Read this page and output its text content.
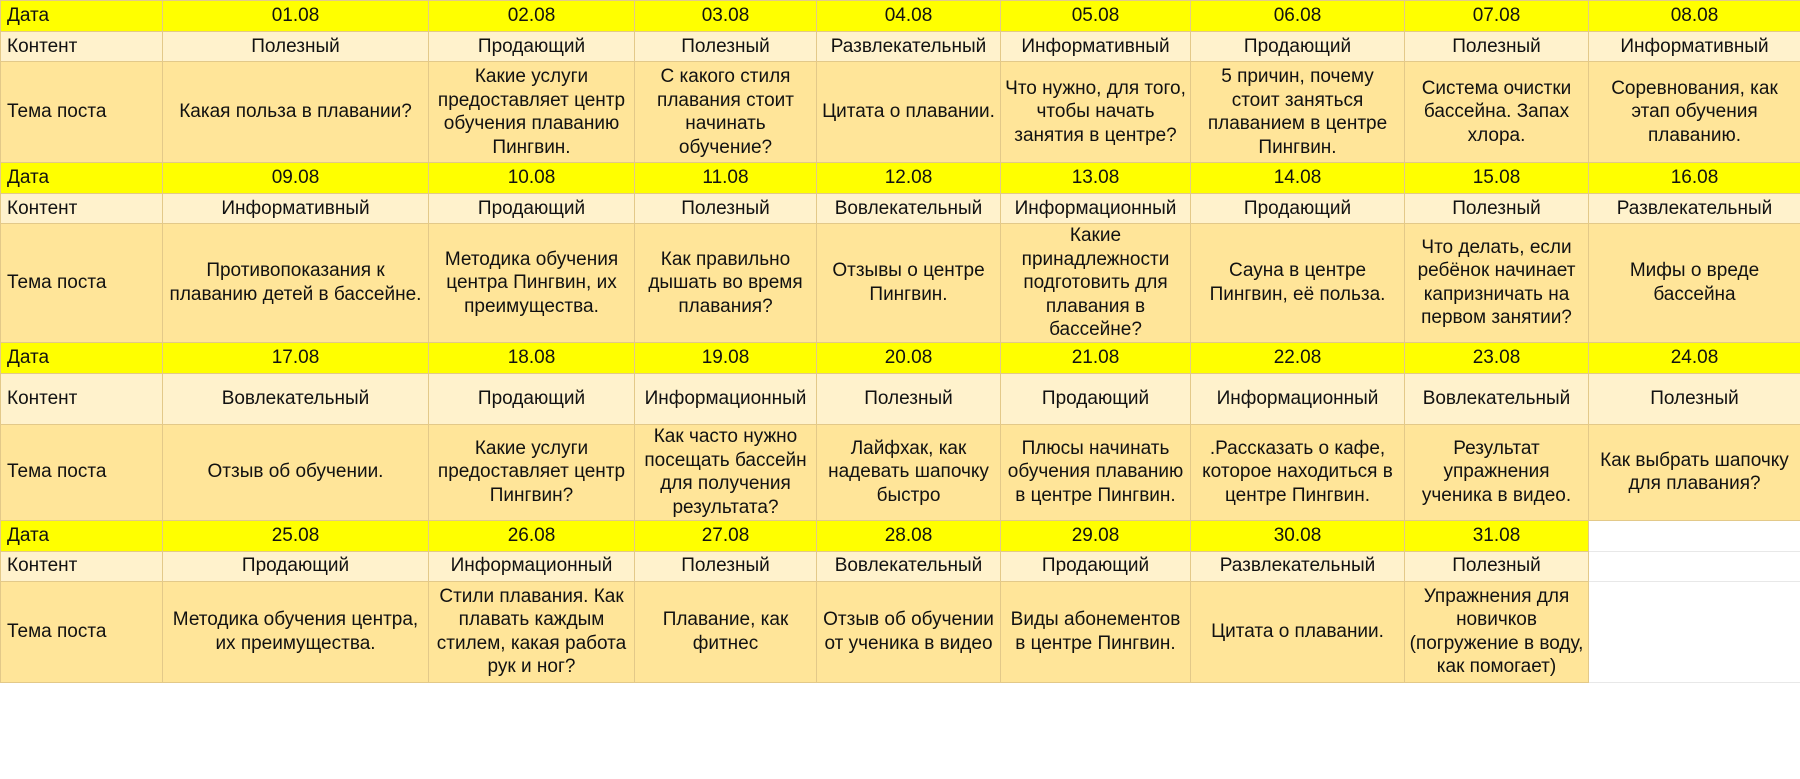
Дата	01.08	02.08	03.08	04.08	05.08	06.08	07.08	08.08
Контент	Полезный	Продающий	Полезный	Развлекательный	Информативный	Продающий	Полезный	Информативный
Тема поста	Какая польза в плавании?	Какие услуги предоставляет центр обучения плаванию Пингвин.	С какого стиля плавания стоит начинать обучение?	Цитата о плавании.	Что нужно, для того, чтобы начать занятия в центре?	5 причин, почему стоит заняться плаванием в центре Пингвин.	Система очистки бассейна. Запах хлора.	Соревнования, как этап обучения плаванию.
Дата	09.08	10.08	11.08	12.08	13.08	14.08	15.08	16.08
Контент	Информативный	Продающий	Полезный	Вовлекательный	Информационный	Продающий	Полезный	Развлекательный
Тема поста	Противопоказания к плаванию детей в бассейне.	Методика обучения центра Пингвин, их преимущества.	Как правильно дышать во время плавания?	Отзывы о центре Пингвин.	Какие принадлежности подготовить для плавания в бассейне?	Сауна в центре Пингвин, её польза.	Что делать, если ребёнок начинает капризничать на первом занятии?	Мифы о вреде бассейна
Дата	17.08	18.08	19.08	20.08	21.08	22.08	23.08	24.08
Контент	Вовлекательный	Продающий	Информационный	Полезный	Продающий	Информационный	Вовлекательный	Полезный
Тема поста	Отзыв об обучении.	Какие услуги предоставляет центр Пингвин?	Как часто нужно посещать бассейн для получения результата?	Лайфхак, как надевать шапочку быстро	Плюсы начинать обучения плаванию в центре Пингвин.	.Рассказать о кафе, которое находиться в центре Пингвин.	Результат упражнения ученика в видео.	Как выбрать шапочку для плавания?
Дата	25.08	26.08	27.08	28.08	29.08	30.08	31.08	
Контент	Продающий	Информационный	Полезный	Вовлекательный	Продающий	Развлекательный	Полезный	
Тема поста	Методика обучения центра, их преимущества.	Стили плавания. Как плавать каждым стилем, какая работа рук и ног?	Плавание, как фитнес	Отзыв об обучении от ученика в видео	Виды абонементов в центре Пингвин.	Цитата о плавании.	Упражнения для новичков (погружение в воду, как помогает)	
